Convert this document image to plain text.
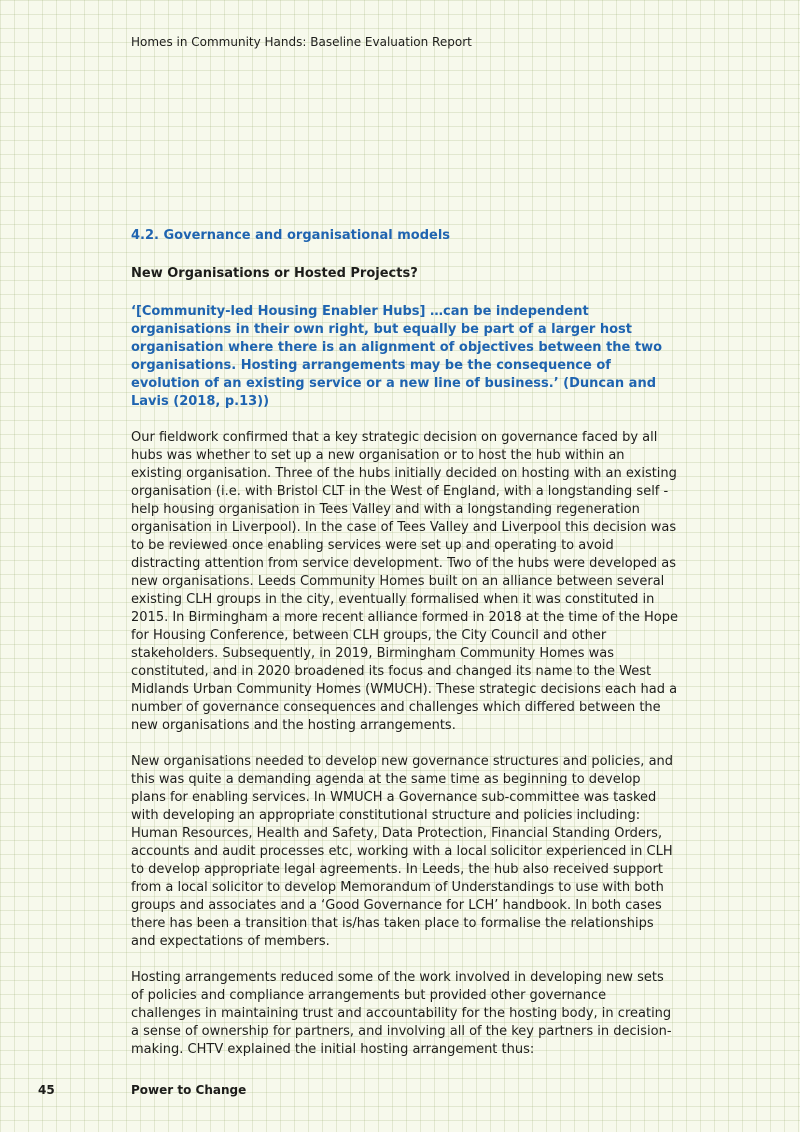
Homes in Community Hands: Baseline Evaluation Report
4.2. Governance and organisational models
New Organisations or Hosted Projects?
‘[Community-led Housing Enabler Hubs] …can be independent organisations in their own right, but equally be part of a larger host organisation where there is an alignment of objectives between the two organisations. Hosting arrangements may be the consequence of evolution of an existing service or a new line of business.’ (Duncan and Lavis (2018, p.13))

Our fieldwork confirmed that a key strategic decision on governance faced by all hubs was whether to set up a new organisation or to host the hub within an existing organisation. Three of the hubs initially decided on hosting with an existing organisation (i.e. with Bristol CLT in the West of England, with a longstanding self -help housing organisation in Tees Valley and with a longstanding regeneration organisation in Liverpool). In the case of Tees Valley and Liverpool this decision was to be reviewed once enabling services were set up and operating to avoid distracting attention from service development. Two of the hubs were developed as new organisations. Leeds Community Homes built on an alliance between several existing CLH groups in the city, eventually formalised when it was constituted in 2015. In Birmingham a more recent alliance formed in 2018 at the time of the Hope for Housing Conference, between CLH groups, the City Council and other stakeholders. Subsequently, in 2019, Birmingham Community Homes was constituted, and in 2020 broadened its focus and changed its name to the West Midlands Urban Community Homes (WMUCH). These strategic decisions each had a number of governance consequences and challenges which differed between the new organisations and the hosting arrangements.

New organisations needed to develop new governance structures and policies, and this was quite a demanding agenda at the same time as beginning to develop plans for enabling services. In WMUCH a Governance sub-committee was tasked with developing an appropriate constitutional structure and policies including: Human Resources, Health and Safety, Data Protection, Financial Standing Orders, accounts and audit processes etc, working with a local solicitor experienced in CLH to develop appropriate legal agreements. In Leeds, the hub also received support from a local solicitor to develop Memorandum of Understandings to use with both groups and associates and a ‘Good Governance for LCH’ handbook. In both cases there has been a transition that is/has taken place to formalise the relationships and expectations of members.

Hosting arrangements reduced some of the work involved in developing new sets of policies and compliance arrangements but provided other governance challenges in maintaining trust and accountability for the hosting body, in creating a sense of ownership for partners, and involving all of the key partners in decision-making. CHTV explained the initial hosting arrangement thus:

45	Power to Change
